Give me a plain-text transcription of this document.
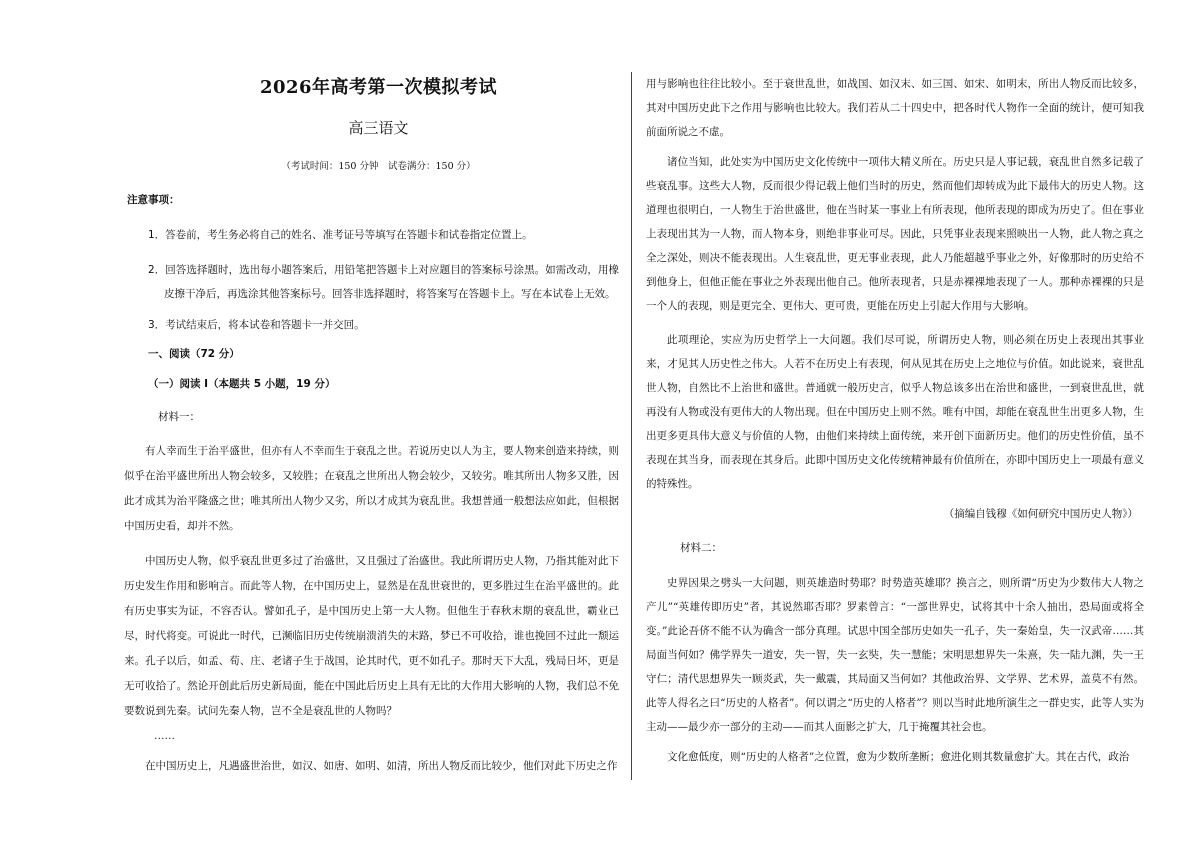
2026年高考第一次模拟考试
高三语文
（考试时间：150 分钟　试卷满分：150 分）
注意事项：
1．答卷前，考生务必将自己的姓名、准考证号等填写在答题卡和试卷指定位置上。
2．回答选择题时，选出每小题答案后，用铅笔把答题卡上对应题目的答案标号涂黑。如需改动，用橡皮擦干净后，再选涂其他答案标号。回答非选择题时，将答案写在答题卡上。写在本试卷上无效。
3．考试结束后，将本试卷和答题卡一并交回。
一、阅读（72 分）
（一）阅读 I（本题共 5 小题，19 分）
材料一：

有人幸而生于治平盛世，但亦有人不幸而生于衰乱之世。若说历史以人为主，要人物来创造来持续，则似乎在治平盛世所出人物会较多，又较胜；在衰乱之世所出人物会较少，又较劣。唯其所出人物多又胜，因此才成其为治平隆盛之世；唯其所出人物少又劣，所以才成其为衰乱世。我想普通一般想法应如此，但根据中国历史看，却并不然。

中国历史人物，似乎衰乱世更多过了治盛世，又且强过了治盛世。我此所谓历史人物，乃指其能对此下历史发生作用和影响言。而此等人物，在中国历史上，显然是在乱世衰世的，更多胜过生在治平盛世的。此有历史事实为证，不容否认。譬如孔子，是中国历史上第一大人物。但他生于春秋末期的衰乱世，霸业已尽，时代将变。可说此一时代，已濒临旧历史传统崩溃消失的末路，梦已不可收拾，谁也挽回不过此一颓运来。孔子以后，如孟、荀、庄、老诸子生于战国，论其时代，更不如孔子。那时天下大乱，残局日坏，更是无可收拾了。然论开创此后历史新局面，能在中国此后历史上具有无比的大作用大影响的人物，我们总不免要数说到先秦。试问先秦人物，岂不全是衰乱世的人物吗？

……

在中国历史上，凡遇盛世治世，如汉、如唐、如明、如清，所出人物反而比较少，他们对此下历史之作

用与影响也往往比较小。至于衰世乱世，如战国、如汉末、如三国、如宋、如明末，所出人物反而比较多，其对中国历史此下之作用与影响也比较大。我们若从二十四史中，把各时代人物作一全面的统计，便可知我前面所说之不虚。

诸位当知，此处实为中国历史文化传统中一项伟大精义所在。历史只是人事记载，衰乱世自然多记载了些衰乱事。这些大人物，反而很少得记载上他们当时的历史，然而他们却转成为此下最伟大的历史人物。这道理也很明白，一人物生于治世盛世，他在当时某一事业上有所表现，他所表现的即成为历史了。但在事业上表现出其为一人物，而人物本身，则绝非事业可尽。因此，只凭事业表现来照映出一人物，此人物之真之全之深处，则决不能表现出。人生衰乱世，更无事业表现，此人乃能超越乎事业之外，好像那时的历史给不到他身上，但他正能在事业之外表现出他自己。他所表现者，只是赤裸裸地表现了一人。那种赤裸裸的只是一个人的表现，则是更完全、更伟大、更可贵，更能在历史上引起大作用与大影响。

此项理论，实应为历史哲学上一大问题。我们尽可说，所谓历史人物，则必须在历史上表现出其事业来，才见其人历史性之伟大。人若不在历史上有表现，何从见其在历史上之地位与价值。如此说来，衰世乱世人物，自然比不上治世和盛世。普通就一般历史言，似乎人物总该多出在治世和盛世，一到衰世乱世，就再没有人物或没有更伟大的人物出现。但在中国历史上则不然。唯有中国，却能在衰乱世生出更多人物，生出更多更具伟大意义与价值的人物，由他们来持续上面传统，来开创下面新历史。他们的历史性价值，虽不表现在其当身，而表现在其身后。此即中国历史文化传统精神最有价值所在，亦即中国历史上一项最有意义的特殊性。

（摘编自钱穆《如何研究中国历史人物》）
材料二：

史界因果之劈头一大问题，则英雄造时势耶？时势造英雄耶？换言之，则所谓“历史为少数伟大人物之产儿”“英雄传即历史”者，其说然耶否耶？罗素曾言：“一部世界史，试将其中十余人抽出，恐局面或将全变。”此论吾侪不能不认为确含一部分真理。试思中国全部历史如失一孔子，失一秦始皇，失一汉武帝……其局面当何如？佛学界失一道安，失一智，失一玄奘，失一慧能；宋明思想界失一朱熹，失一陆九渊，失一王守仁；清代思想界失一顾炎武，失一戴震，其局面又当何如？其他政治界、文学界、艺术界，盖莫不有然。此等人得名之曰“历史的人格者”。何以谓之“历史的人格者”？则以当时此地所演生之一群史实，此等人实为主动——最少亦一部分的主动——而其人面影之扩大，几于掩覆其社会也。

文化愈低度，则“历史的人格者”之位置，愈为少数所垄断；愈进化则其数量愈扩大。其在古代，政治
